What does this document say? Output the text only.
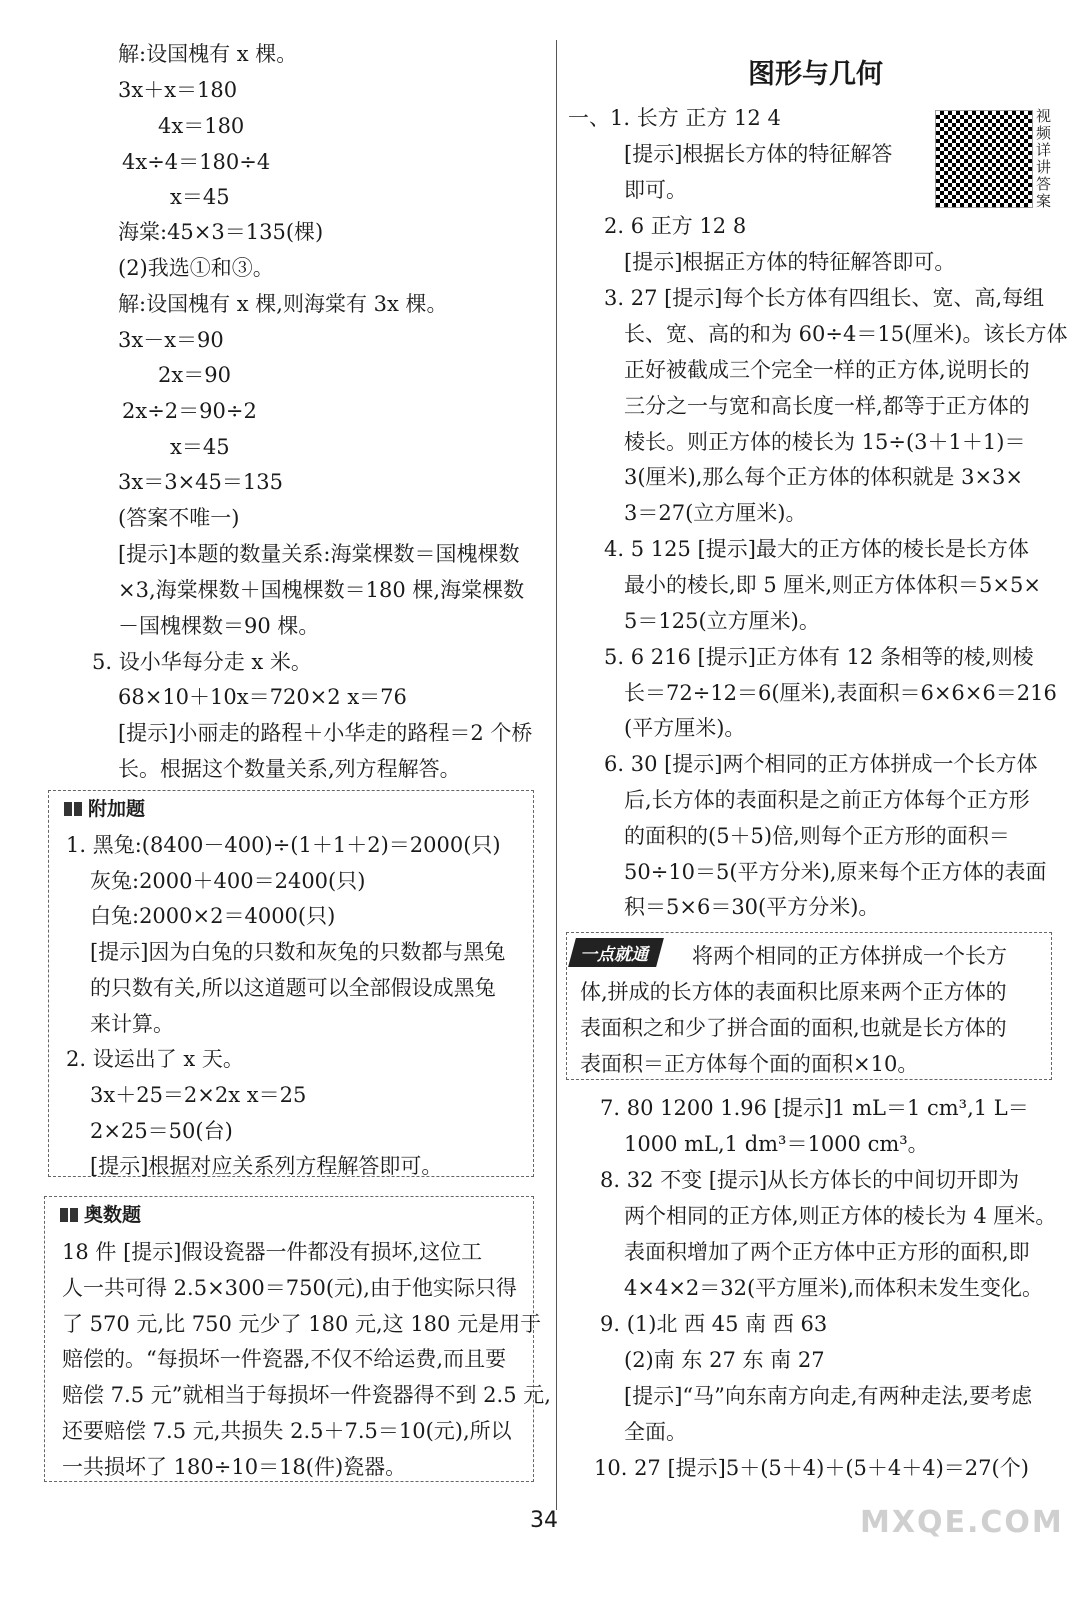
附加题
奥数题
图形与几何
视频详讲答案
一点就通
34	MXQE.COM
解:设国槐有 x 棵。
3x＋x＝180
4x＝180
4x÷4＝180÷4
x＝45
海棠:45×3＝135(棵)
(2)我选①和③。
解:设国槐有 x 棵,则海棠有 3x 棵。
3x－x＝90
2x＝90
2x÷2＝90÷2
x＝45
3x＝3×45＝135
(答案不唯一)
[提示]本题的数量关系:海棠棵数＝国槐棵数
×3,海棠棵数＋国槐棵数＝180 棵,海棠棵数
－国槐棵数＝90 棵。
5. 设小华每分走 x 米。
68×10＋10x＝720×2 x＝76
[提示]小丽走的路程＋小华走的路程＝2 个桥
长。根据这个数量关系,列方程解答。
1. 黑兔:(8400－400)÷(1＋1＋2)＝2000(只)
灰兔:2000＋400＝2400(只)
白兔:2000×2＝4000(只)
[提示]因为白兔的只数和灰兔的只数都与黑兔
的只数有关,所以这道题可以全部假设成黑兔
来计算。
2. 设运出了 x 天。
3x＋25＝2×2x x＝25
2×25＝50(台)
[提示]根据对应关系列方程解答即可。
18 件 [提示]假设瓷器一件都没有损坏,这位工
人一共可得 2.5×300＝750(元),由于他实际只得
了 570 元,比 750 元少了 180 元,这 180 元是用于
赔偿的。“每损坏一件瓷器,不仅不给运费,而且要
赔偿 7.5 元”就相当于每损坏一件瓷器得不到 2.5 元,
还要赔偿 7.5 元,共损失 2.5＋7.5＝10(元),所以
一共损坏了 180÷10＝18(件)瓷器。
一、1. 长方 正方 12 4
[提示]根据长方体的特征解答
即可。
2. 6 正方 12 8
[提示]根据正方体的特征解答即可。
3. 27 [提示]每个长方体有四组长、宽、高,每组
长、宽、高的和为 60÷4＝15(厘米)。该长方体
正好被截成三个完全一样的正方体,说明长的
三分之一与宽和高长度一样,都等于正方体的
棱长。则正方体的棱长为 15÷(3＋1＋1)＝
3(厘米),那么每个正方体的体积就是 3×3×
3＝27(立方厘米)。
4. 5 125 [提示]最大的正方体的棱长是长方体
最小的棱长,即 5 厘米,则正方体体积＝5×5×
5＝125(立方厘米)。
5. 6 216 [提示]正方体有 12 条相等的棱,则棱
长＝72÷12＝6(厘米),表面积＝6×6×6＝216
(平方厘米)。
6. 30 [提示]两个相同的正方体拼成一个长方体
后,长方体的表面积是之前正方体每个正方形
的面积的(5＋5)倍,则每个正方形的面积＝
50÷10＝5(平方分米),原来每个正方体的表面
积＝5×6＝30(平方分米)。
将两个相同的正方体拼成一个长方
体,拼成的长方体的表面积比原来两个正方体的
表面积之和少了拼合面的面积,也就是长方体的
表面积＝正方体每个面的面积×10。
7. 80 1200 1.96 [提示]1 mL＝1 cm³,1 L＝
1000 mL,1 dm³＝1000 cm³。
8. 32 不变 [提示]从长方体长的中间切开即为
两个相同的正方体,则正方体的棱长为 4 厘米。
表面积增加了两个正方体中正方形的面积,即
4×4×2＝32(平方厘米),而体积未发生变化。
9. (1)北 西 45 南 西 63
(2)南 东 27 东 南 27
[提示]“马”向东南方向走,有两种走法,要考虑
全面。
10. 27 [提示]5＋(5＋4)＋(5＋4＋4)＝27(个)
